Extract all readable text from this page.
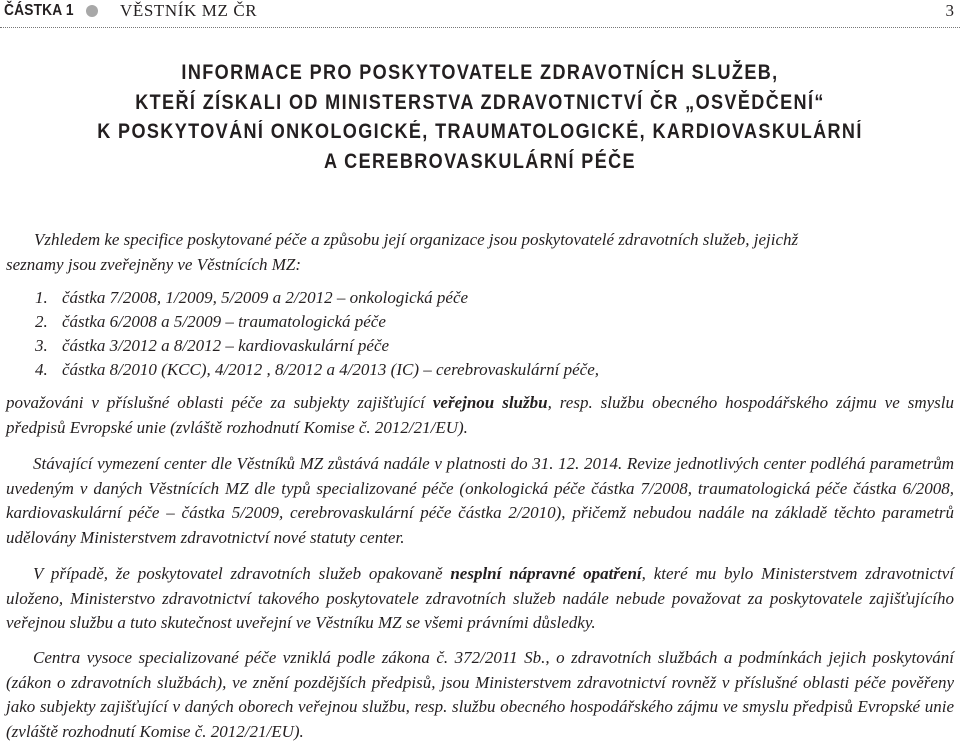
ČÁSTKA 1	VĚSTNÍK MZ ČR	3
INFORMACE PRO POSKYTOVATELE ZDRAVOTNÍCH SLUŽEB,
KTEŘÍ ZÍSKALI OD MINISTERSTVA ZDRAVOTNICTVÍ ČR „OSVĚDČENÍ“
K POSKYTOVÁNÍ ONKOLOGICKÉ, TRAUMATOLOGICKÉ, KARDIOVASKULÁRNÍ
A CEREBROVASKULÁRNÍ PÉČE
Vzhledem ke specifice poskytované péče a způsobu její organizace jsou poskytovatelé zdravotních služeb, jejichž
seznamy jsou zveřejněny ve Věstnících MZ:
1. částka 7/2008, 1/2009, 5/2009 a 2/2012 – onkologická péče
2. částka 6/2008 a 5/2009 – traumatologická péče
3. částka 3/2012 a 8/2012 – kardiovaskulární péče
4. částka 8/2010 (KCC), 4/2012 , 8/2012 a 4/2013 (IC) – cerebrovaskulární péče,

považováni v příslušné oblasti péče za subjekty zajišťující veřejnou službu, resp. službu obecného hospodářského zájmu ve smyslu předpisů Evropské unie (zvláště rozhodnutí Komise č. 2012/21/EU).

Stávající vymezení center dle Věstníků MZ zůstává nadále v platnosti do 31. 12. 2014. Revize jednotlivých center podléhá parametrům uvedeným v daných Věstnících MZ dle typů specializované péče (onkologická péče částka 7/2008, traumatologická péče částka 6/2008, kardiovaskulární péče – částka 5/2009, cerebrovaskulární péče částka 2/2010), přičemž nebudou nadále na základě těchto parametrů udělovány Ministerstvem zdravotnictví nové statuty center.

V případě, že poskytovatel zdravotních služeb opakovaně nesplní nápravné opatření, které mu bylo Ministerstvem zdravotnictví uloženo, Ministerstvo zdravotnictví takového poskytovatele zdravotních služeb nadále nebude považovat za poskytovatele zajišťujícího veřejnou službu a tuto skutečnost uveřejní ve Věstníku MZ se všemi právními důsledky.

Centra vysoce specializované péče vzniklá podle zákona č. 372/2011 Sb., o zdravotních službách a podmínkách jejich poskytování (zákon o zdravotních službách), ve znění pozdějších předpisů, jsou Ministerstvem zdravotnictví rovněž v příslušné oblasti péče pověřeny jako subjekty zajišťující v daných oborech veřejnou službu, resp. službu obecného hospodářského zájmu ve smyslu předpisů Evropské unie (zvláště rozhodnutí Komise č. 2012/21/EU).
